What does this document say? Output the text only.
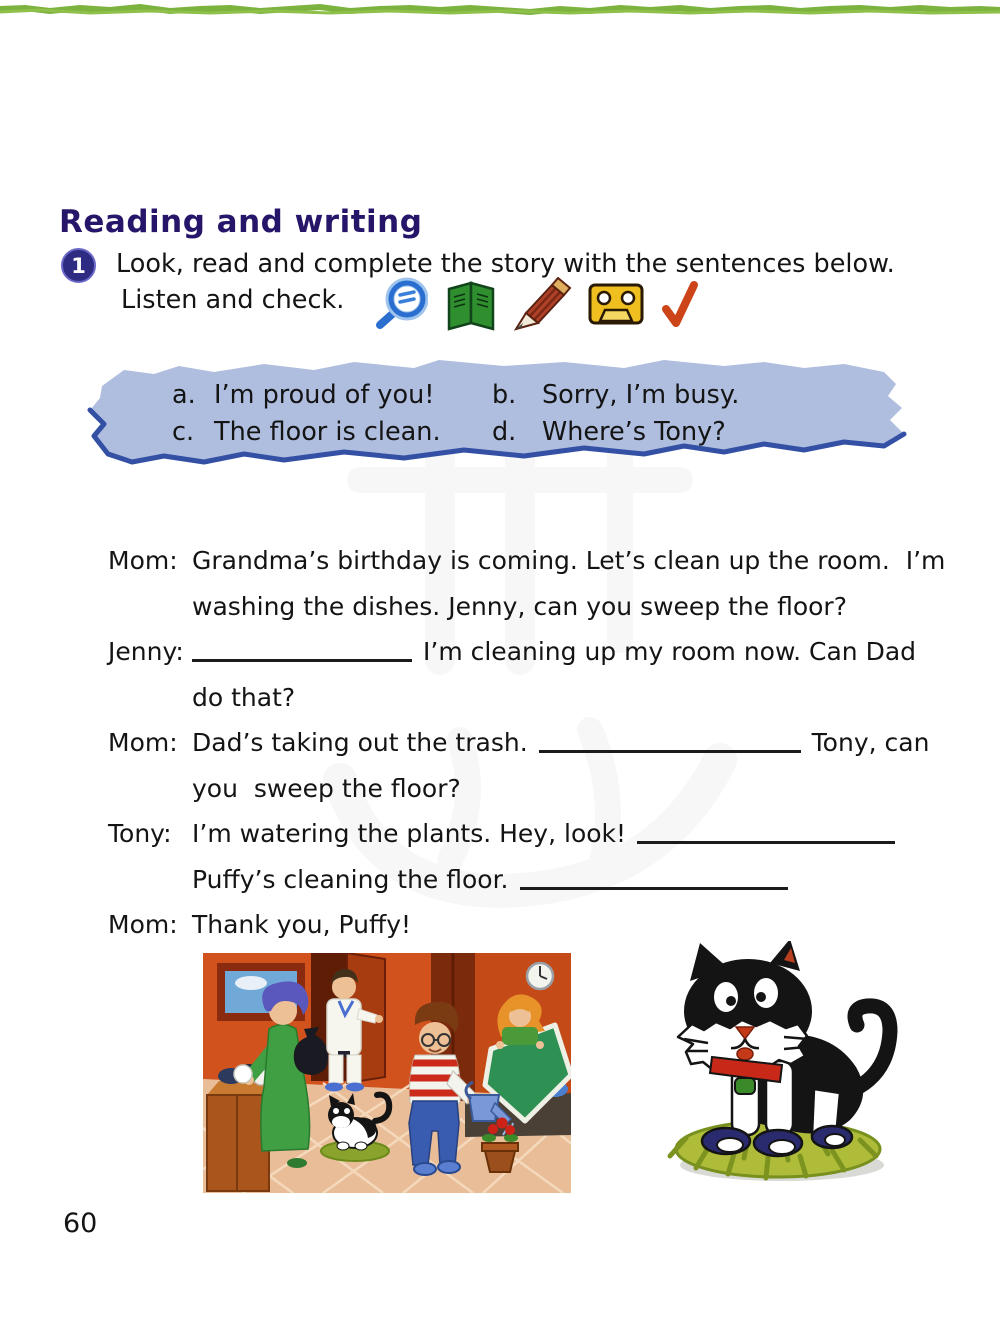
Reading and writing
1	Look, read and complete the story with the sentences below.
Listen and check.
a. I’m proud of you! b. Sorry, I’m busy.
c. The floor is clean. d. Where’s Tony?
Mom: Grandma’s birthday is coming. Let’s clean up the room.  I’m
washing the dishes. Jenny, can you sweep the floor?
Jenny:	I’m cleaning up my room now. Can Dad
do that?
Mom: Dad’s taking out the trash.	Tony, can
you  sweep the floor?
Tony: I’m watering the plants. Hey, look!
Puffy’s cleaning the floor.
Mom: Thank you, Puffy!
60
